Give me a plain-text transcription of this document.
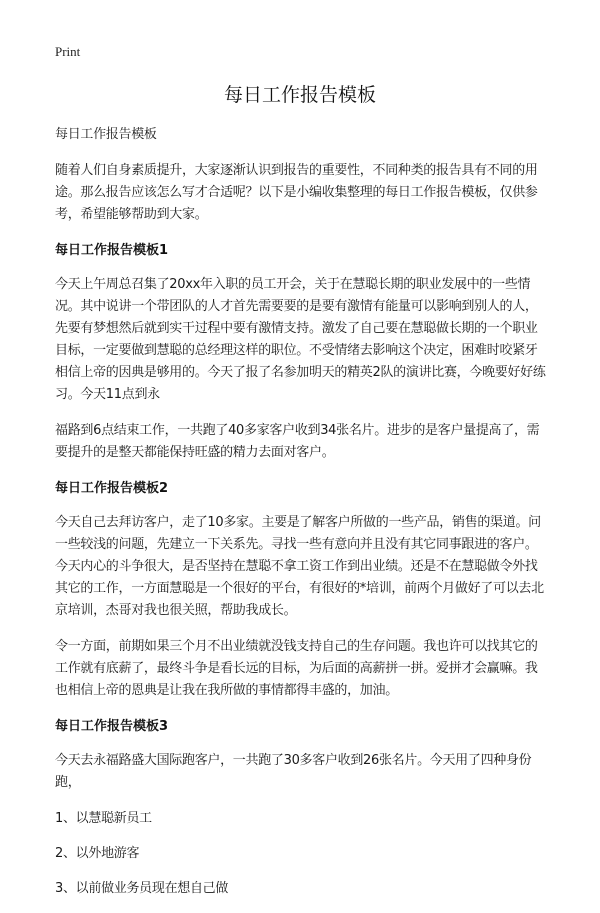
Print
每日工作报告模板

每日工作报告模板

随着人们自身素质提升，大家逐渐认识到报告的重要性，不同种类的报告具有不同的用途。那么报告应该怎么写才合适呢？以下是小编收集整理的每日工作报告模板，仅供参考，希望能够帮助到大家。

每日工作报告模板1

今天上午周总召集了20xx年入职的员工开会，关于在慧聪长期的职业发展中的一些情况。其中说讲一个带团队的人才首先需要要的是要有激情有能量可以影响到别人的人，先要有梦想然后就到实干过程中要有激情支持。激发了自己要在慧聪做长期的一个职业目标，一定要做到慧聪的总经理这样的职位。不受情绪去影响这个决定，困难时咬紧牙相信上帝的因典是够用的。今天了报了名参加明天的精英2队的演讲比赛，今晚要好好练习。今天11点到永

福路到6点结束工作，一共跑了40多家客户收到34张名片。进步的是客户量提高了，需要提升的是整天都能保持旺盛的精力去面对客户。

每日工作报告模板2

今天自己去拜访客户，走了10多家。主要是了解客户所做的一些产品，销售的渠道。问一些较浅的问题，先建立一下关系先。寻找一些有意向并且没有其它同事跟进的客户。今天内心的斗争很大，是否坚持在慧聪不拿工资工作到出业绩。还是不在慧聪做令外找其它的工作，一方面慧聪是一个很好的平台，有很好的*培训，前两个月做好了可以去北京培训，杰哥对我也很关照，帮助我成长。

令一方面，前期如果三个月不出业绩就没钱支持自己的生存问题。我也许可以找其它的工作就有底薪了，最终斗争是看长远的目标，为后面的高薪拼一拼。爱拼才会赢嘛。我也相信上帝的恩典是让我在我所做的事情都得丰盛的，加油。

每日工作报告模板3

今天去永福路盛大国际跑客户，一共跑了30多客户收到26张名片。今天用了四种身份跑，

1、以慧聪新员工

2、以外地游客

3、以前做业务员现在想自己做
